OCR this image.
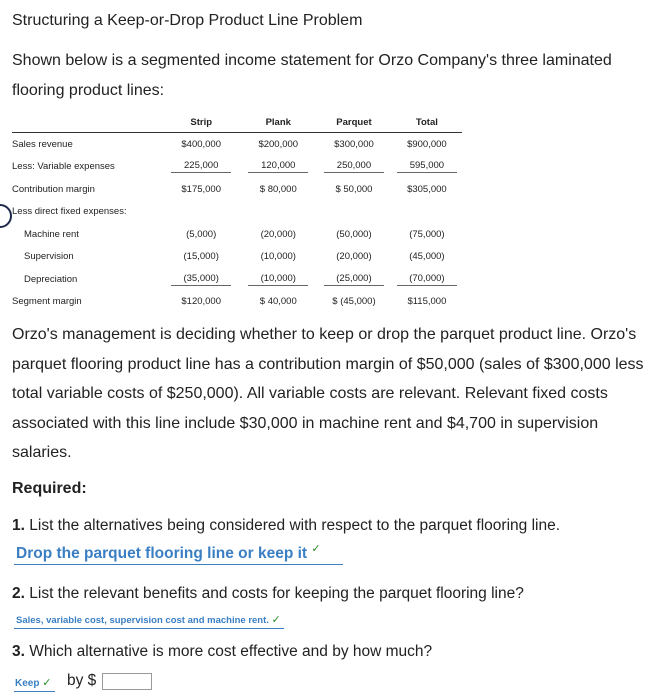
Structuring a Keep-or-Drop Product Line Problem
Shown below is a segmented income statement for Orzo Company's three laminated flooring product lines:
	Strip	Plank	Parquet	Total
Sales revenue	$400,000	$200,000	$300,000	$900,000
Less: Variable expenses	225,000	120,000	250,000	595,000
Contribution margin	$175,000	$ 80,000	$ 50,000	$305,000
Less direct fixed expenses:				
Machine rent	(5,000)	(20,000)	(50,000)	(75,000)
Supervision	(15,000)	(10,000)	(20,000)	(45,000)
Depreciation	(35,000)	(10,000)	(25,000)	(70,000)
Segment margin	$120,000	$ 40,000	$ (45,000)	$115,000
Orzo's management is deciding whether to keep or drop the parquet product line. Orzo's parquet flooring product line has a contribution margin of $50,000 (sales of $300,000 less total variable costs of $250,000). All variable costs are relevant. Relevant fixed costs associated with this line include $30,000 in machine rent and $4,700 in supervision salaries.
Required:
1. List the alternatives being considered with respect to the parquet flooring line.
Drop the parquet flooring line or keep it ✓
2. List the relevant benefits and costs for keeping the parquet flooring line?
Sales, variable cost, supervision cost and machine rent. ✓
3. Which alternative is more cost effective and by how much?
Keep ✓ by $
